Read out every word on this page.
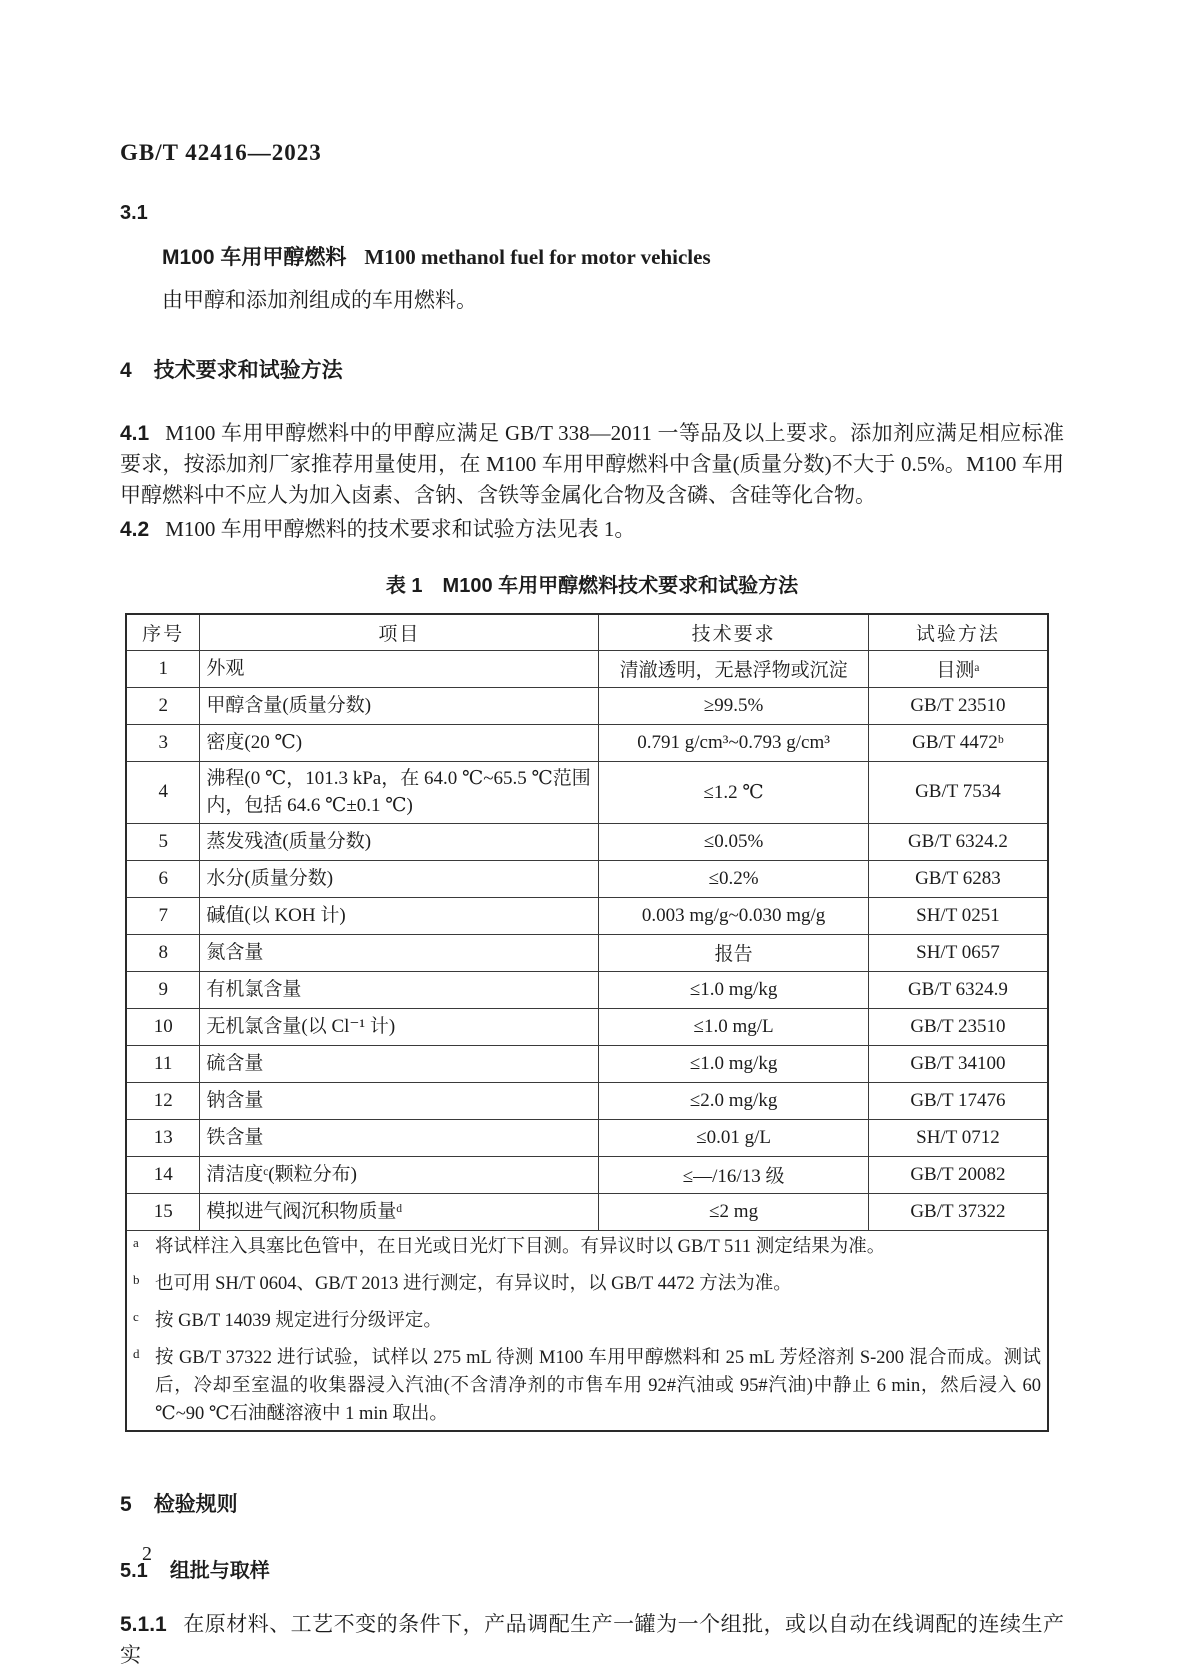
GB/T 42416—2023
3.1
M100 车用甲醇燃料 M100 methanol fuel for motor vehicles
由甲醇和添加剂组成的车用燃料。
4 技术要求和试验方法
4.1 M100 车用甲醇燃料中的甲醇应满足 GB/T 338—2011 一等品及以上要求。添加剂应满足相应标准要求，按添加剂厂家推荐用量使用，在 M100 车用甲醇燃料中含量(质量分数)不大于 0.5%。M100 车用甲醇燃料中不应人为加入卤素、含钠、含铁等金属化合物及含磷、含硅等化合物。
4.2 M100 车用甲醇燃料的技术要求和试验方法见表 1。
表 1 M100 车用甲醇燃料技术要求和试验方法
序号	项目	技术要求	试验方法
1	外观	清澈透明，无悬浮物或沉淀	目测ᵃ
2	甲醇含量(质量分数)	≥99.5%	GB/T 23510
3	密度(20 ℃)	0.791 g/cm³~0.793 g/cm³	GB/T 4472ᵇ
4	沸程(0 ℃，101.3 kPa，在 64.0 ℃~65.5 ℃范围内，包括 64.6 ℃±0.1 ℃)	≤1.2 ℃	GB/T 7534
5	蒸发残渣(质量分数)	≤0.05%	GB/T 6324.2
6	水分(质量分数)	≤0.2%	GB/T 6283
7	碱值(以 KOH 计)	0.003 mg/g~0.030 mg/g	SH/T 0251
8	氮含量	报告	SH/T 0657
9	有机氯含量	≤1.0 mg/kg	GB/T 6324.9
10	无机氯含量(以 Cl⁻¹ 计)	≤1.0 mg/L	GB/T 23510
11	硫含量	≤1.0 mg/kg	GB/T 34100
12	钠含量	≤2.0 mg/kg	GB/T 17476
13	铁含量	≤0.01 g/L	SH/T 0712
14	清洁度ᶜ(颗粒分布)	≤—/16/13 级	GB/T 20082
15	模拟进气阀沉积物质量ᵈ	≤2 mg	GB/T 37322

a 将试样注入具塞比色管中，在日光或日光灯下目测。有异议时以 GB/T 511 测定结果为准。
b 也可用 SH/T 0604、GB/T 2013 进行测定，有异议时，以 GB/T 4472 方法为准。
c 按 GB/T 14039 规定进行分级评定。
d 按 GB/T 37322 进行试验，试样以 275 mL 待测 M100 车用甲醇燃料和 25 mL 芳烃溶剂 S-200 混合而成。测试后，冷却至室温的收集器浸入汽油(不含清净剂的市售车用 92#汽油或 95#汽油)中静止 6 min，然后浸入 60 ℃~90 ℃石油醚溶液中 1 min 取出。
5 检验规则
5.1 组批与取样
5.1.1 在原材料、工艺不变的条件下，产品调配生产一罐为一个组批，或以自动在线调配的连续生产实
2
